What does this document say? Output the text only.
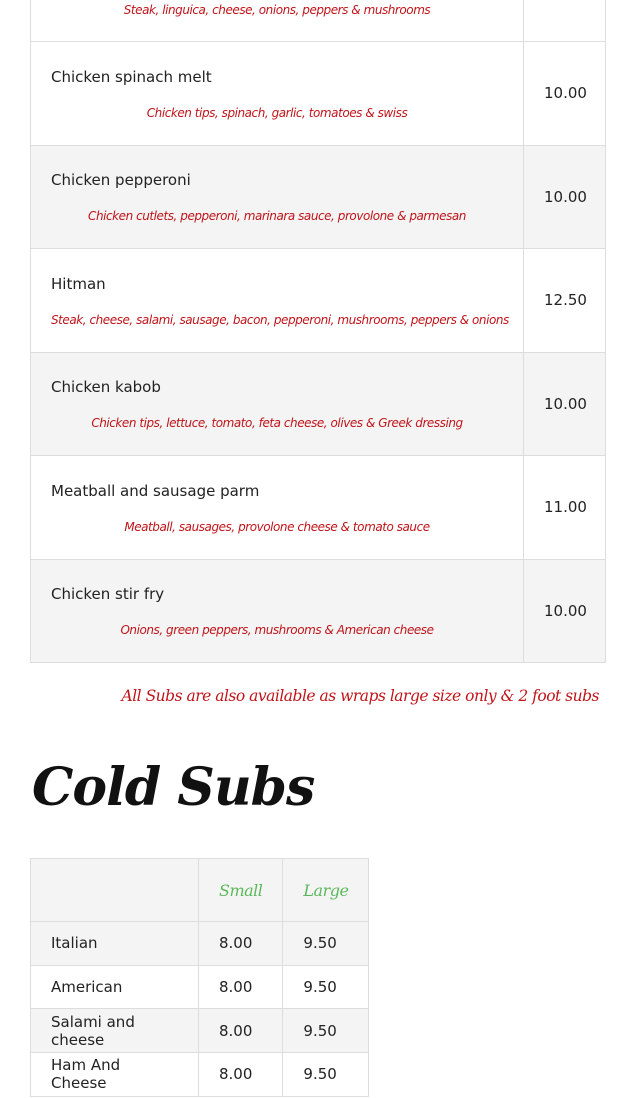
Steak, linguica, cheese, onions, peppers & mushrooms	

Chicken spinach melt
Chicken tips, spinach, garlic, tomatoes & swiss	10.00

Chicken pepperoni
Chicken cutlets, pepperoni, marinara sauce, provolone & parmesan	10.00

Hitman
Steak, cheese, salami, sausage, bacon, pepperoni, mushrooms, peppers & onions	12.50

Chicken kabob
Chicken tips, lettuce, tomato, feta cheese, olives & Greek dressing	10.00

Meatball and sausage parm
Meatball, sausages, provolone cheese & tomato sauce	11.00

Chicken stir fry
Onions, green peppers, mushrooms & American cheese	10.00
All Subs are also available as wraps large size only & 2 foot subs
Cold Subs
	Small	Large
Italian	8.00	9.50
American	8.00	9.50
Salami and cheese	8.00	9.50
Ham And Cheese	8.00	9.50
